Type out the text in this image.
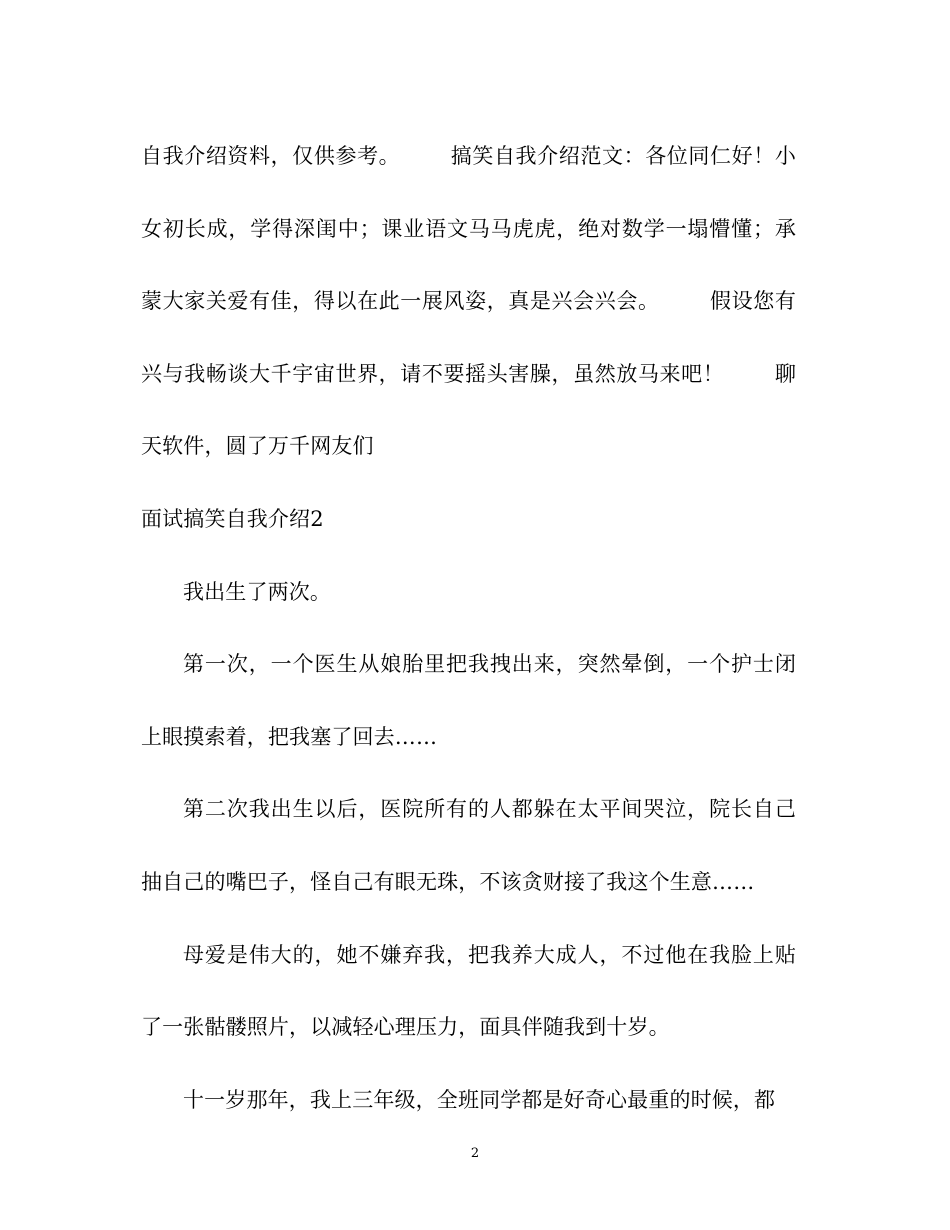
自我介绍资料，仅供参考。 搞笑自我介绍范文：各位同仁好！小女初长成，学得深闺中；课业语文马马虎虎，绝对数学一塌懵懂；承蒙大家关爱有佳，得以在此一展风姿，真是兴会兴会。 假设您有兴与我畅谈大千宇宙世界，请不要摇头害臊，虽然放马来吧！ 聊天软件，圆了万千网友们

面试搞笑自我介绍2

我出生了两次。

第一次，一个医生从娘胎里把我拽出来，突然晕倒，一个护士闭上眼摸索着，把我塞了回去……

第二次我出生以后，医院所有的人都躲在太平间哭泣，院长自己抽自己的嘴巴子，怪自己有眼无珠，不该贪财接了我这个生意……

母爱是伟大的，她不嫌弃我，把我养大成人，不过他在我脸上贴了一张骷髅照片，以减轻心理压力，面具伴随我到十岁。

十一岁那年，我上三年级，全班同学都是好奇心最重的时候，都

2
